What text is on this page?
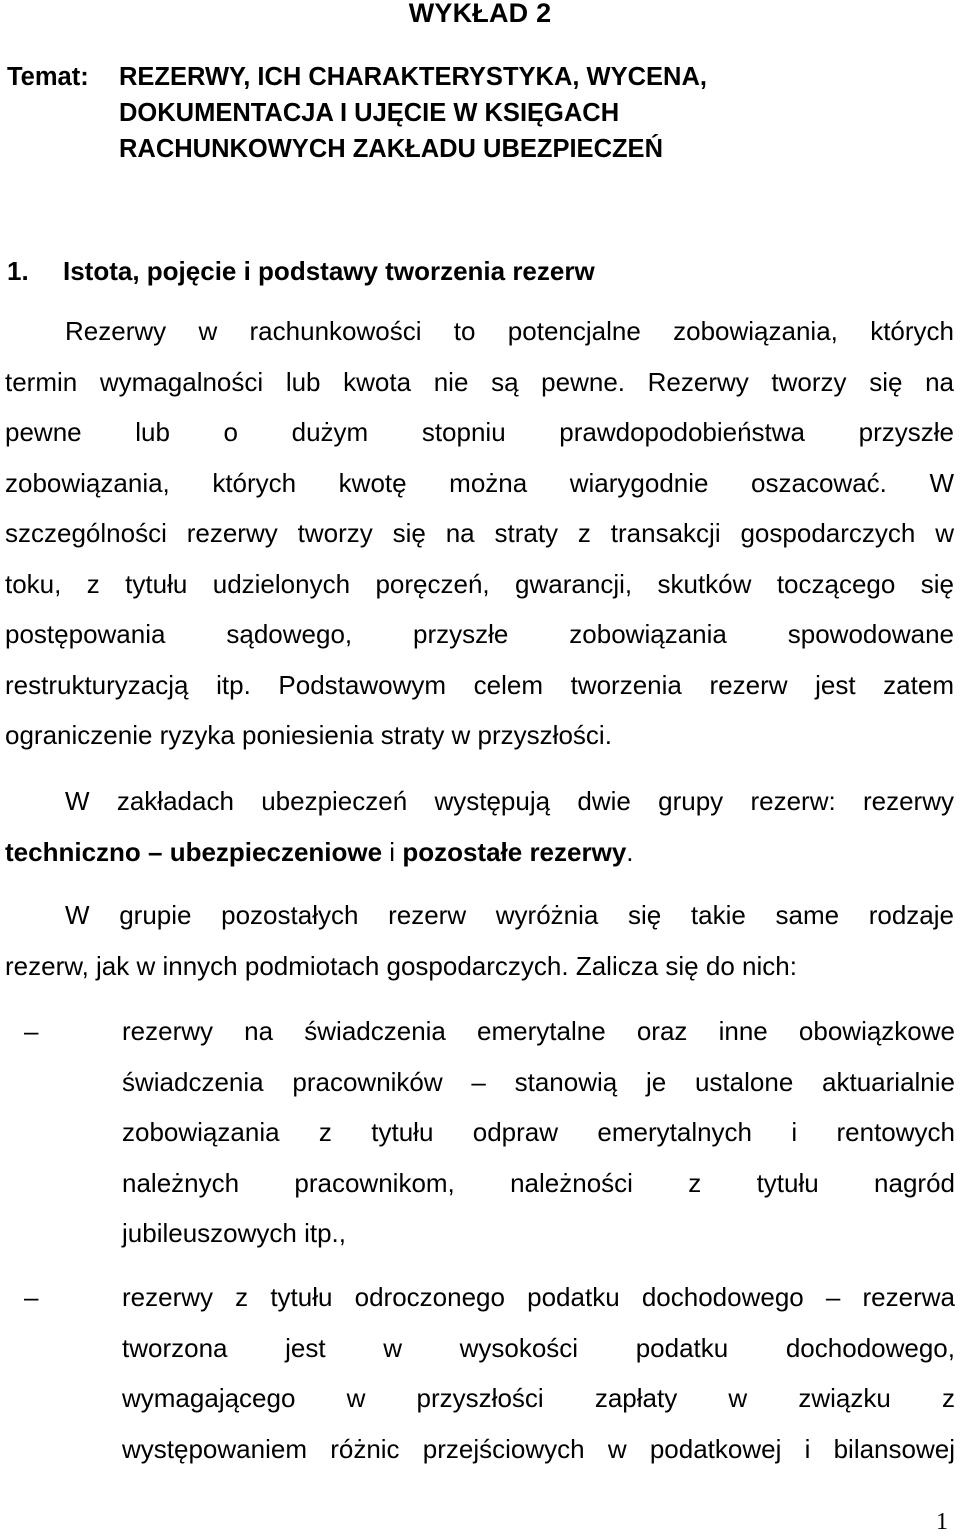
WYKŁAD 2
Temat: REZERWY, ICH CHARAKTERYSTYKA, WYCENA,
DOKUMENTACJA I UJĘCIE W KSIĘGACH
RACHUNKOWYCH ZAKŁADU UBEZPIECZEŃ
1. Istota, pojęcie i podstawy tworzenia rezerw
Rezerwy w rachunkowości to potencjalne zobowiązania, których
termin wymagalności lub kwota nie są pewne. Rezerwy tworzy się na
pewne lub o dużym stopniu prawdopodobieństwa przyszłe
zobowiązania, których kwotę można wiarygodnie oszacować. W
szczególności rezerwy tworzy się na straty z transakcji gospodarczych w
toku, z tytułu udzielonych poręczeń, gwarancji, skutków toczącego się
postępowania sądowego, przyszłe zobowiązania spowodowane
restrukturyzacją itp. Podstawowym celem tworzenia rezerw jest zatem
ograniczenie ryzyka poniesienia straty w przyszłości.
W zakładach ubezpieczeń występują dwie grupy rezerw: rezerwy
techniczno – ubezpieczeniowe i pozostałe rezerwy.
W grupie pozostałych rezerw wyróżnia się takie same rodzaje
rezerw, jak w innych podmiotach gospodarczych. Zalicza się do nich:
–	rezerwy na świadczenia emerytalne oraz inne obowiązkowe
świadczenia pracowników – stanowią je ustalone aktuarialnie
zobowiązania z tytułu odpraw emerytalnych i rentowych
należnych pracownikom, należności z tytułu nagród
jubileuszowych itp.,
–	rezerwy z tytułu odroczonego podatku dochodowego – rezerwa
tworzona jest w wysokości podatku dochodowego,
wymagającego w przyszłości zapłaty w związku z
występowaniem różnic przejściowych w podatkowej i bilansowej
1
